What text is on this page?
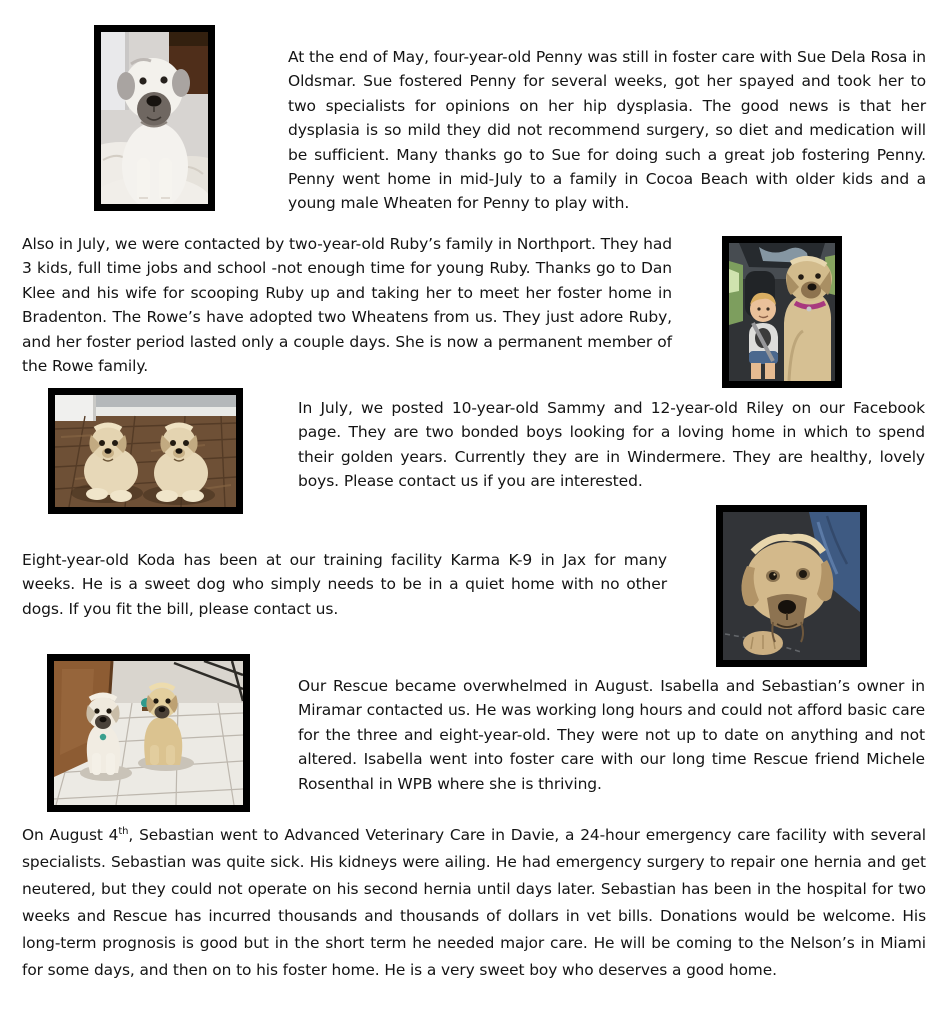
At the end of May, four-year-old Penny was still in foster care with Sue Dela Rosa in Oldsmar. Sue fostered Penny for several weeks, got her spayed and took her to two specialists for opinions on her hip dysplasia. The good news is that her dysplasia is so mild they did not recommend surgery, so diet and medication will be sufficient. Many thanks go to Sue for doing such a great job fostering Penny. Penny went home in mid-July to a family in Cocoa Beach with older kids and a young male Wheaten for Penny to play with.

Also in July, we were contacted by two-year-old Ruby’s family in Northport. They had 3 kids, full time jobs and school -not enough time for young Ruby. Thanks go to Dan Klee and his wife for scooping Ruby up and taking her to meet her foster home in Bradenton. The Rowe’s have adopted two Wheatens from us. They just adore Ruby, and her foster period lasted only a couple days. She is now a permanent member of the Rowe family.

In July, we posted 10-year-old Sammy and 12-year-old Riley on our Facebook page. They are two bonded boys looking for a loving home in which to spend their golden years. Currently they are in Windermere. They are healthy, lovely boys. Please contact us if you are interested.

Eight-year-old Koda has been at our training facility Karma K-9 in Jax for many weeks. He is a sweet dog who simply needs to be in a quiet home with no other dogs. If you fit the bill, please contact us.

Our Rescue became overwhelmed in August. Isabella and Sebastian’s owner in Miramar contacted us. He was working long hours and could not afford basic care for the three and eight-year-old. They were not up to date on anything and not altered. Isabella went into foster care with our long time Rescue friend Michele Rosenthal in WPB where she is thriving.

On August 4th, Sebastian went to Advanced Veterinary Care in Davie, a 24-hour emergency care facility with several specialists. Sebastian was quite sick. His kidneys were ailing. He had emergency surgery to repair one hernia and get neutered, but they could not operate on his second hernia until days later. Sebastian has been in the hospital for two weeks and Rescue has incurred thousands and thousands of dollars in vet bills. Donations would be welcome. His long-term prognosis is good but in the short term he needed major care. He will be coming to the Nelson’s in Miami for some days, and then on to his foster home. He is a very sweet boy who deserves a good home.
